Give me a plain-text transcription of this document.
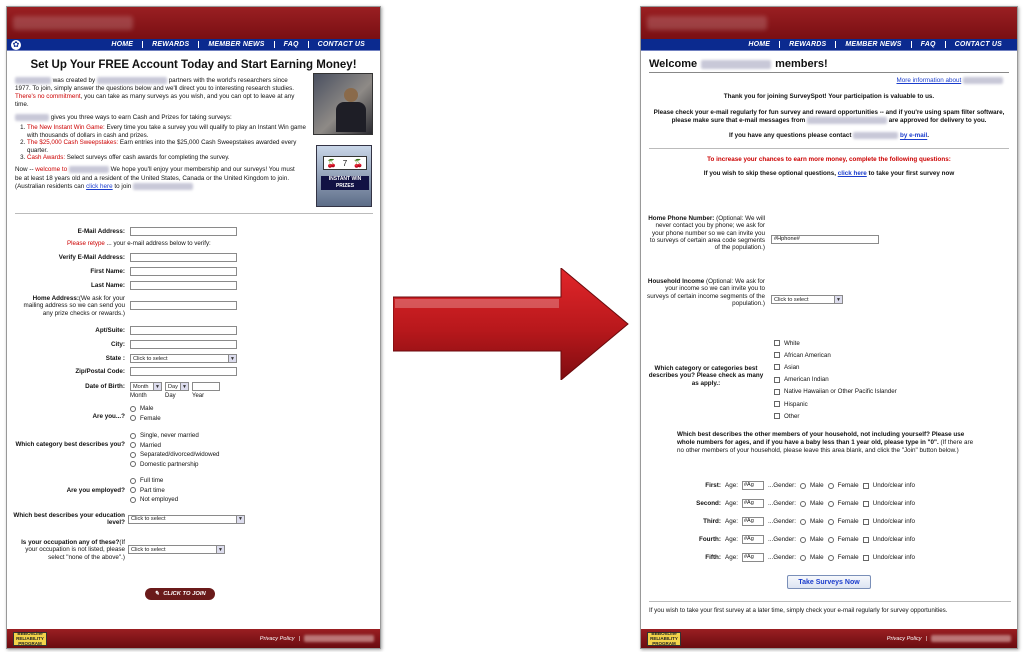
✿	HOME	REWARDS	MEMBER NEWS	FAQ	CONTACT US
Set Up Your FREE Account Today and Start Earning Money!
was created by	partners with the world's researchers since 1977. To join, simply answer the questions below and we'll direct you to interesting research studies. There's no commitment, you can take as many surveys as you wish, and you can opt to leave at any time.
gives you three ways to earn Cash and Prizes for taking surveys:
1. The New Instant Win Game: Every time you take a survey you will qualify to play an Instant Win game with thousands of dollars in cash and prizes.
2. The $25,000 Cash Sweepstakes: Earn entries into the $25,000 Cash Sweepstakes awarded every quarter.
3. Cash Awards: Select surveys offer cash awards for completing the survey.
Now -- welcome to	We hope you'll enjoy your membership and our surveys! You must be at least 18 years old and a resident of the United States, Canada or the United Kingdom to join. (Australian residents can click here to join
🍒 7 🍒
INSTANT WIN PRIZES
E-Mail Address:
Please retype
... your e-mail address below to verify:
Verify E-Mail Address:
First Name:
Last Name:
Home Address:(We ask for your mailing address so we can send you any prize checks or rewards.)
Apt/Suite:
City:
State : Click to select	▼
Zip/Postal Code:
Date of Birth: Month	▼ Day ▼
Month	Day	Year
Are you...?
Male
Female
Which category best describes you?
Single, never married
Married
Separated/divorced/widowed
Domestic partnership
Are you employed?
Full time
Part time
Not employed
Which best describes your education level? Click to select	▼
Is your occupation any of these?(If your occupation is not listed, please select "none of the above".)
Click to select	▼
✎ CLICK TO JOIN
BBBOnLine
RELIABILITY
PROGRAM
Privacy Policy |
HOME	REWARDS	MEMBER NEWS	FAQ	CONTACT US
Welcome	members!
More information about
Thank you for joining SurveySpot! Your participation is valuable to us.
Please check your e-mail regularly for fun survey and reward opportunities -- and if you're using spam filter software, please make sure that e-mail messages from	are approved for delivery to you.
If you have any questions please contact	by e-mail.
To increase your chances to earn more money, complete the following questions:
If you wish to skip these optional questions, click here to take your first survey now
Home Phone Number: (Optional: We will never contact you by phone; we ask for your phone number so we can invite you to surveys of certain area code segments of the population.)
#Hphone#
Household Income (Optional: We ask for your income so we can invite you to surveys of certain income segments of the population.)
Click to select	▼
Which category or categories best describes you? Please check as many as apply.:
White
African American
Asian
American Indian
Native Hawaiian or Other Pacific Islander
Hispanic
Other
Which best describes the other members of your household, not including yourself? Please use whole numbers for ages, and if you have a baby less than 1 year old, please type in "0". (If there are no other members of your household, please leave this area blank, and click the "Join" button below.)
First: Age:	#Ag	...Gender: Male Female Undo/clear info
Second: Age:	#Ag	...Gender: Male Female Undo/clear info
Third: Age:	#Ag	...Gender: Male Female Undo/clear info
Fourth: Age:	#Ag	...Gender: Male Female Undo/clear info
Fifth: Age:	#Ag	...Gender: Male Female Undo/clear info
Take Surveys Now
If you wish to take your first survey at a later time, simply check your e-mail regularly for survey opportunities.
BBBOnLine
RELIABILITY
PROGRAM
Privacy Policy |
